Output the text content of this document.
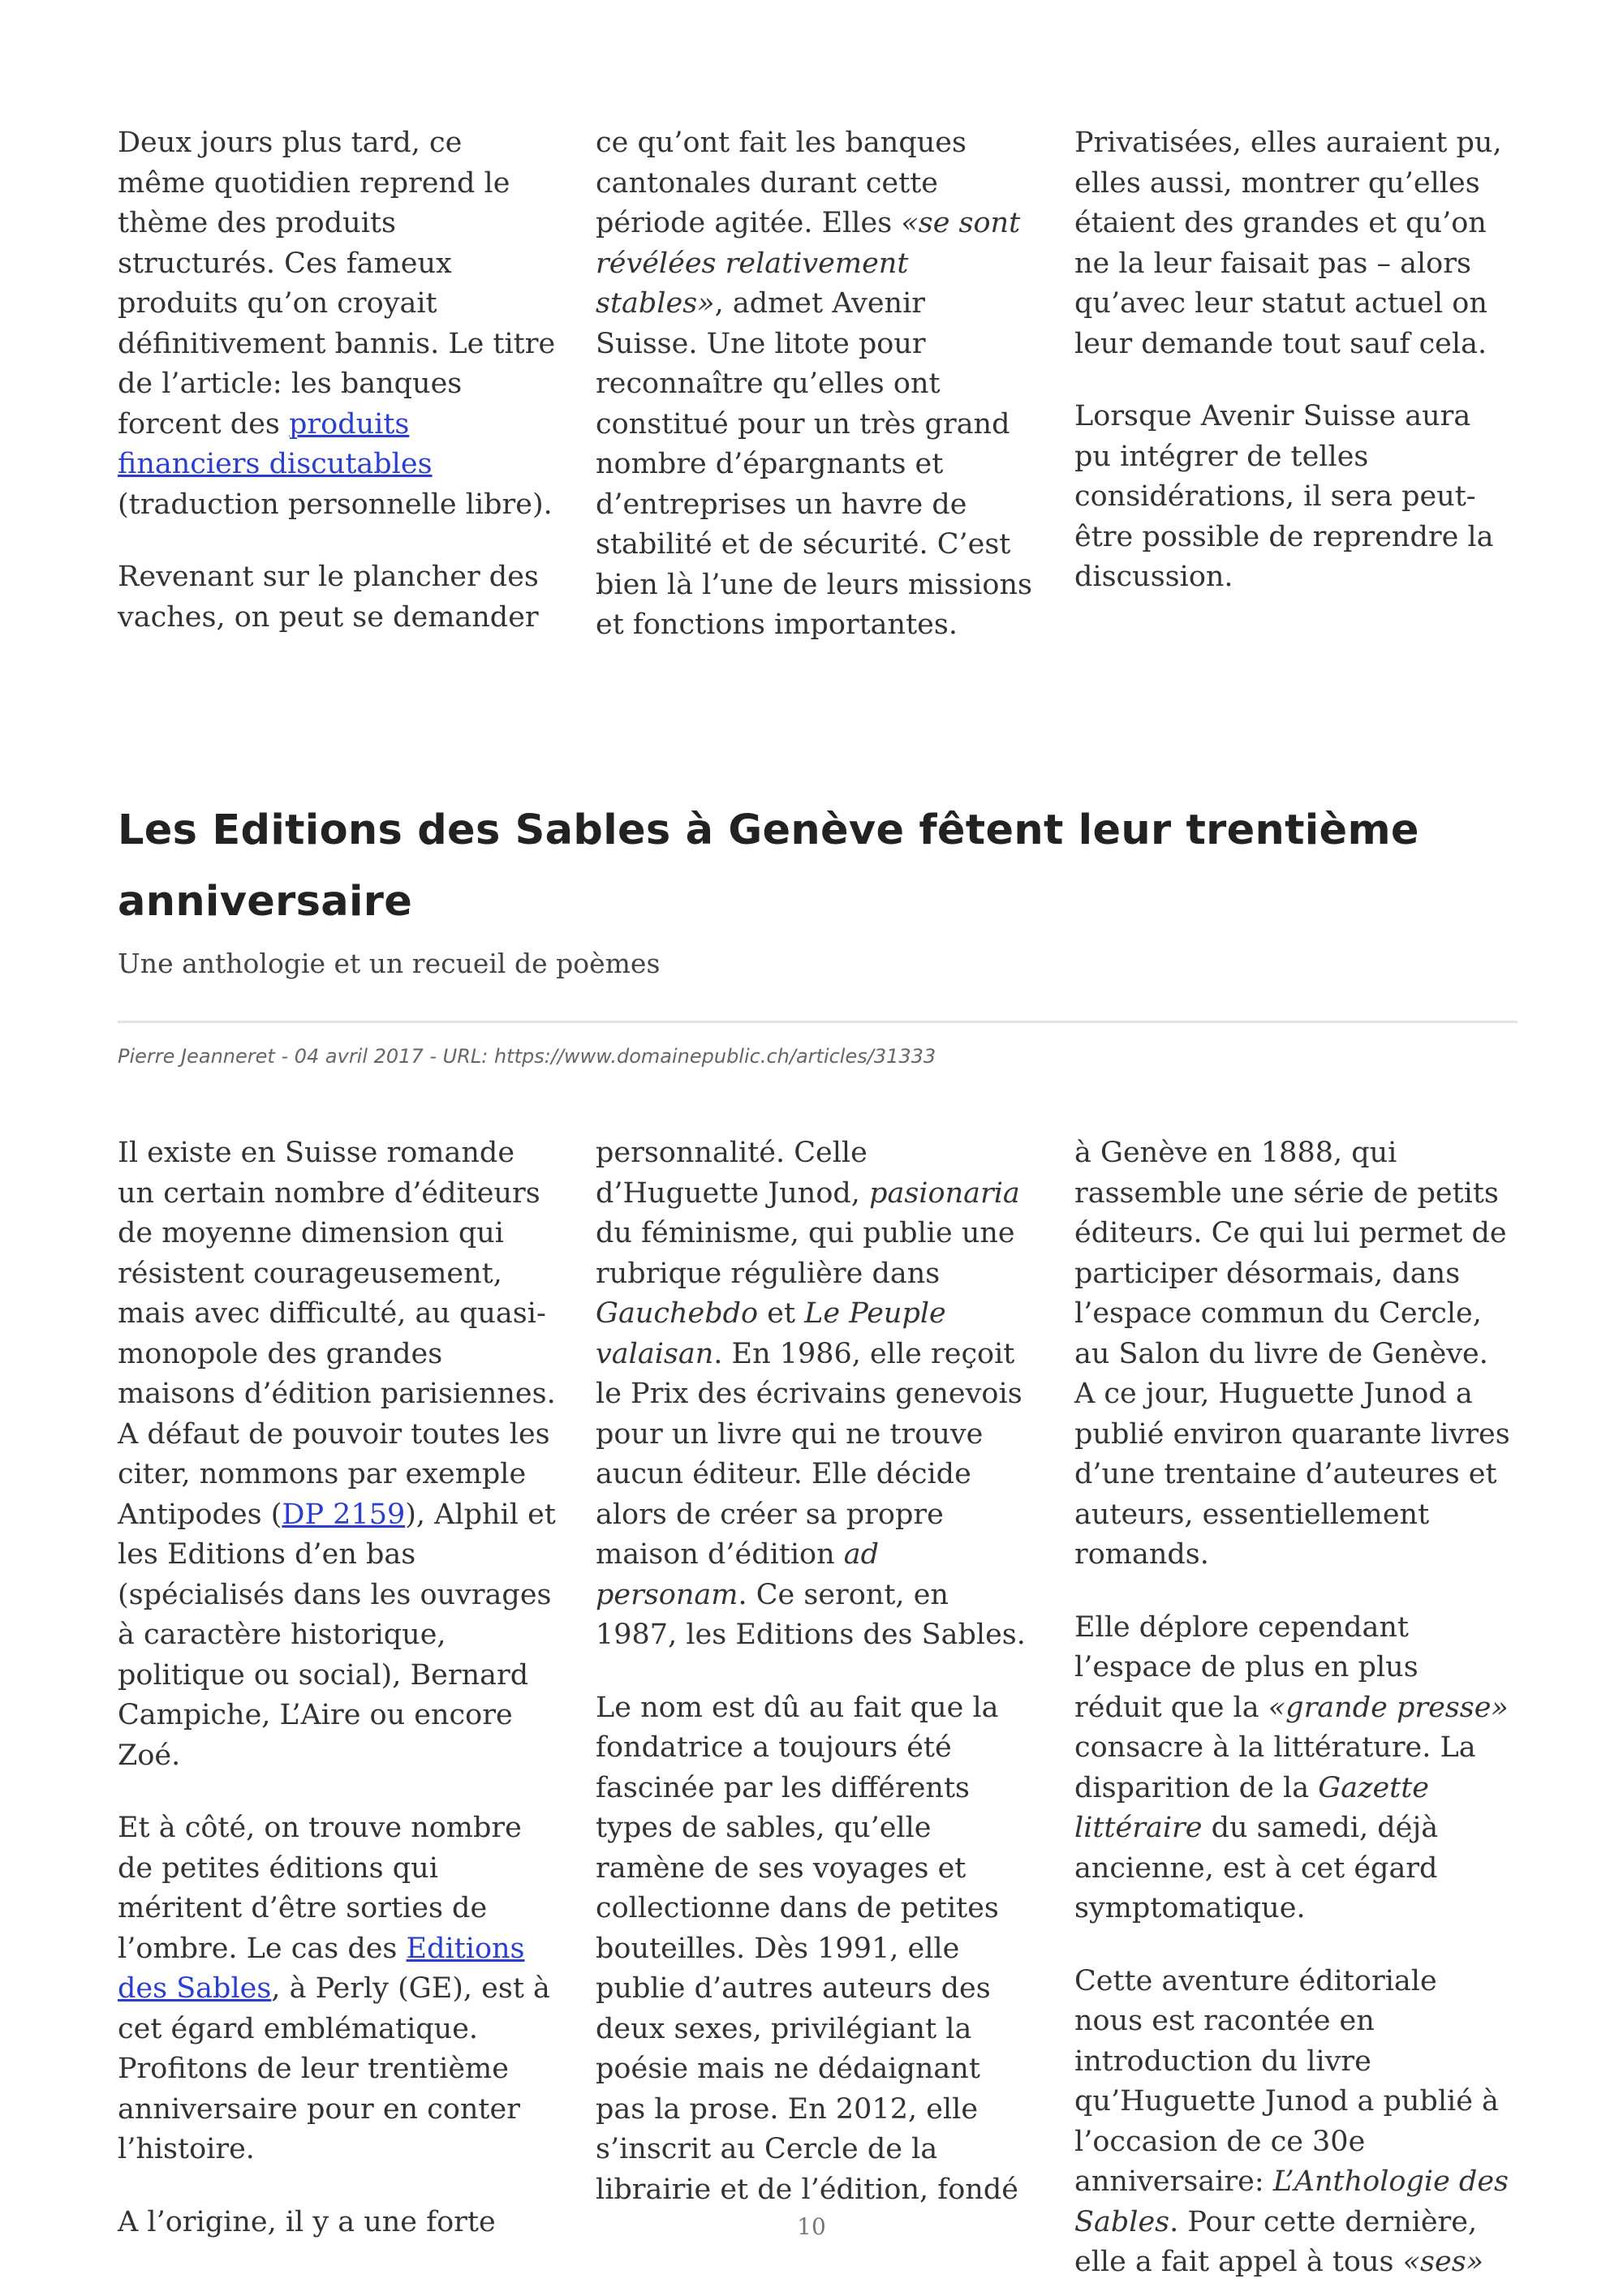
Deux jours plus tard, ce même quotidien reprend le thème des produits structurés. Ces fameux produits qu’on croyait définitivement bannis. Le titre de l’article: les banques forcent des produits financiers discutables (traduction personnelle libre).

Revenant sur le plancher des vaches, on peut se demander

ce qu’ont fait les banques cantonales durant cette période agitée. Elles «se sont révélées relativement stables», admet Avenir Suisse. Une litote pour reconnaître qu’elles ont constitué pour un très grand nombre d’épargnants et d’entreprises un havre de stabilité et de sécurité. C’est bien là l’une de leurs missions et fonctions importantes.

Privatisées, elles auraient pu, elles aussi, montrer qu’elles étaient des grandes et qu’on ne la leur faisait pas – alors qu’avec leur statut actuel on leur demande tout sauf cela.

Lorsque Avenir Suisse aura pu intégrer de telles considérations, il sera peut-être possible de reprendre la discussion.

Les Editions des Sables à Genève fêtent leur trentième anniversaire

Une anthologie et un recueil de poèmes

Pierre Jeanneret - 04 avril 2017 - URL: https://www.domainepublic.ch/articles/31333

Il existe en Suisse romande un certain nombre d’éditeurs de moyenne dimension qui résistent courageusement, mais avec difficulté, au quasi-monopole des grandes maisons d’édition parisiennes. A défaut de pouvoir toutes les citer, nommons par exemple Antipodes (DP 2159), Alphil et les Editions d’en bas (spécialisés dans les ouvrages à caractère historique, politique ou social), Bernard Campiche, L’Aire ou encore Zoé.

Et à côté, on trouve nombre de petites éditions qui méritent d’être sorties de l’ombre. Le cas des Editions des Sables, à Perly (GE), est à cet égard emblématique. Profitons de leur trentième anniversaire pour en conter l’histoire.

A l’origine, il y a une forte

personnalité. Celle d’Huguette Junod, pasionaria du féminisme, qui publie une rubrique régulière dans Gauchebdo et Le Peuple valaisan. En 1986, elle reçoit le Prix des écrivains genevois pour un livre qui ne trouve aucun éditeur. Elle décide alors de créer sa propre maison d’édition ad personam. Ce seront, en 1987, les Editions des Sables.

Le nom est dû au fait que la fondatrice a toujours été fascinée par les différents types de sables, qu’elle ramène de ses voyages et collectionne dans de petites bouteilles. Dès 1991, elle publie d’autres auteurs des deux sexes, privilégiant la poésie mais ne dédaignant pas la prose. En 2012, elle s’inscrit au Cercle de la librairie et de l’édition, fondé

à Genève en 1888, qui rassemble une série de petits éditeurs. Ce qui lui permet de participer désormais, dans l’espace commun du Cercle, au Salon du livre de Genève. A ce jour, Huguette Junod a publié environ quarante livres d’une trentaine d’auteures et auteurs, essentiellement romands.

Elle déplore cependant l’espace de plus en plus réduit que la «grande presse» consacre à la littérature. La disparition de la Gazette littéraire du samedi, déjà ancienne, est à cet égard symptomatique.

Cette aventure éditoriale nous est racontée en introduction du livre qu’Huguette Junod a publié à l’occasion de ce 30e anniversaire: L’Anthologie des Sables. Pour cette dernière, elle a fait appel à tous «ses»

10
